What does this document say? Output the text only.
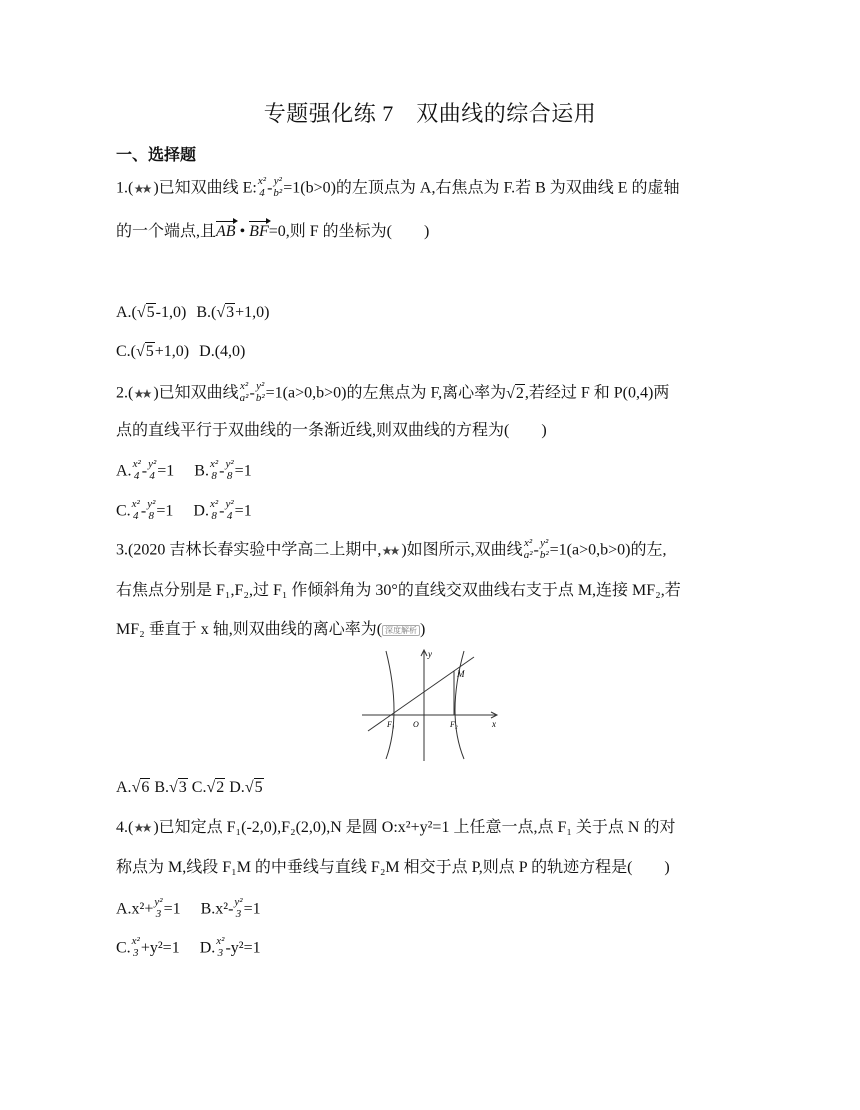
专题强化练 7　双曲线的综合运用
一、选择题
1.( )已知双曲线 E: x²
4 - y²
b² =1(b>0)的左顶点为 A,右焦点为 F.若 B 为双曲线 E 的虚轴
的一个端点,且AB • BF=0,则 F 的坐标为(　　)
A.(√5-1,0) B.(√3+1,0)
C.(√5+1,0) D.(4,0)
2.( )已知双曲线 x²
a² - y²
b² =1(a>0,b>0)的左焦点为 F,离心率为√2,若经过 F 和 P(0,4)两
点的直线平行于双曲线的一条渐近线,则双曲线的方程为(　　)
A. x²
4 - y²
4 =1 B. x²
8 - y²
8 =1
C. x²
4 - y²
8 =1 D. x²
8 - y²
4 =1
3.(2020 吉林长春实验中学高二上期中, )如图所示,双曲线 x²
a² - y²
b² =1(a>0,b>0)的左,
右焦点分别是 F₁,F₂,过 F₁ 作倾斜角为 30°的直线交双曲线右支于点 M,连接 MF₂,若
MF₂ 垂直于 x 轴,则双曲线的离心率为( 深度解析 )
y
x
M
F₁ O	F₂
A.√6 B.√3 C.√2 D.√5
4.( )已知定点 F₁(-2,0),F₂(2,0),N 是圆 O:x²+y²=1 上任意一点,点 F₁ 关于点 N 的对
称点为 M,线段 F₁M 的中垂线与直线 F₂M 相交于点 P,则点 P 的轨迹方程是(　　)
A.x²+ y²
3 =1 B.x²- y²
3 =1
C. x²
3 +y²=1 D. x²
3 -y²=1
